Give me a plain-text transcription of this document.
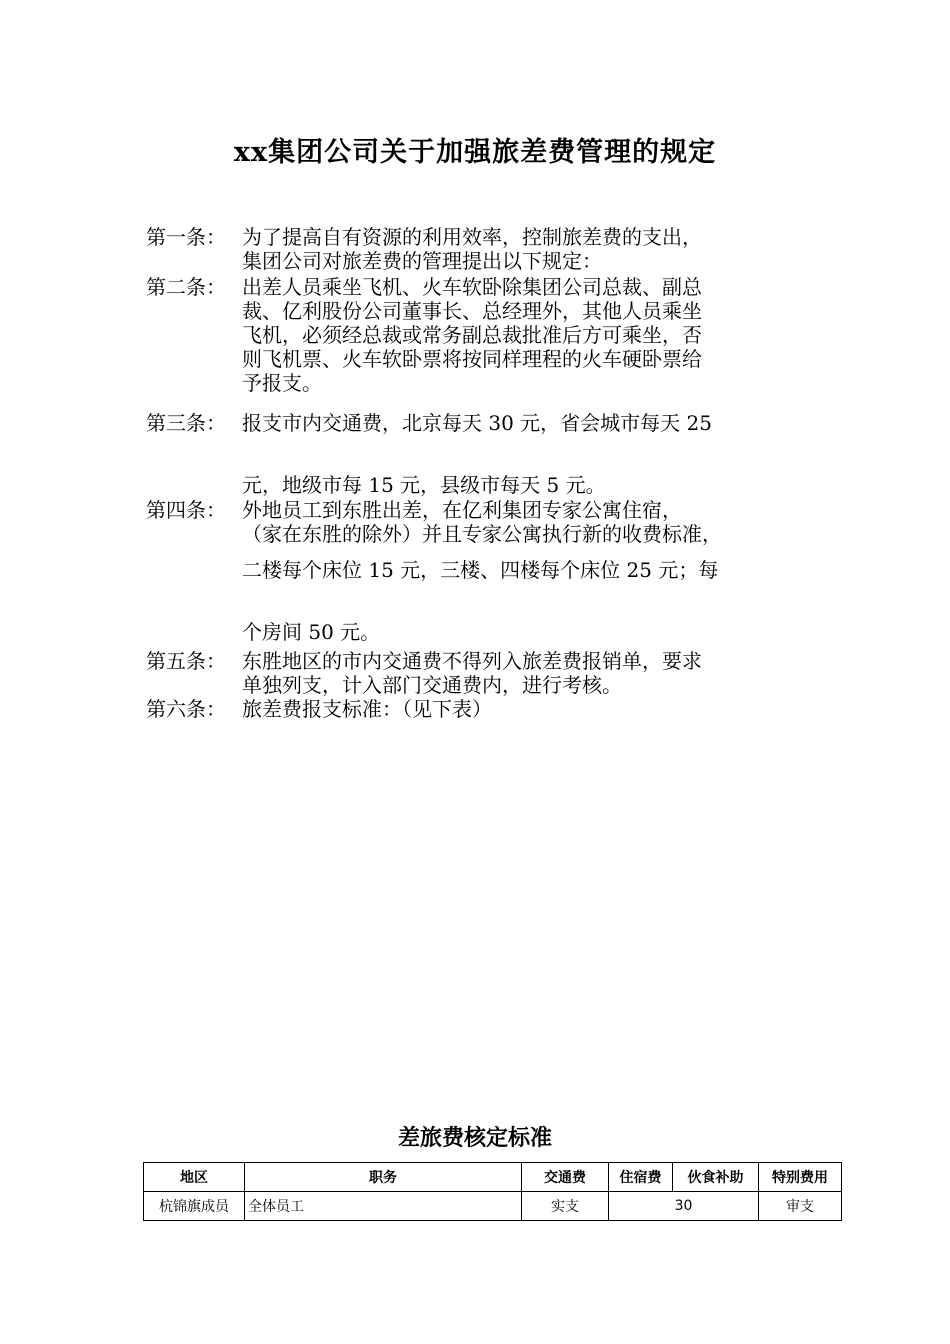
xx集团公司关于加强旅差费管理的规定
第一条： 为了提高自有资源的利用效率，控制旅差费的支出，

集团公司对旅差费的管理提出以下规定：

第二条： 出差人员乘坐飞机、火车软卧除集团公司总裁、副总

裁、亿利股份公司董事长、总经理外，其他人员乘坐

飞机，必须经总裁或常务副总裁批准后方可乘坐，否

则飞机票、火车软卧票将按同样理程的火车硬卧票给

予报支。

第三条： 报支市内交通费，北京每天 30 元，省会城市每天 25

元，地级市每 15 元，县级市每天 5 元。

第四条： 外地员工到东胜出差，在亿利集团专家公寓住宿，

（家在东胜的除外）并且专家公寓执行新的收费标准，

二楼每个床位 15 元，三楼、四楼每个床位 25 元；每

个房间 50 元。

第五条： 东胜地区的市内交通费不得列入旅差费报销单，要求

单独列支，计入部门交通费内，进行考核。

第六条： 旅差费报支标准：（见下表）

差旅费核定标准
地区	职务	交通费	住宿费	伙食补助	特别费用
杭锦旗成员	全体员工	实支	30		审支
